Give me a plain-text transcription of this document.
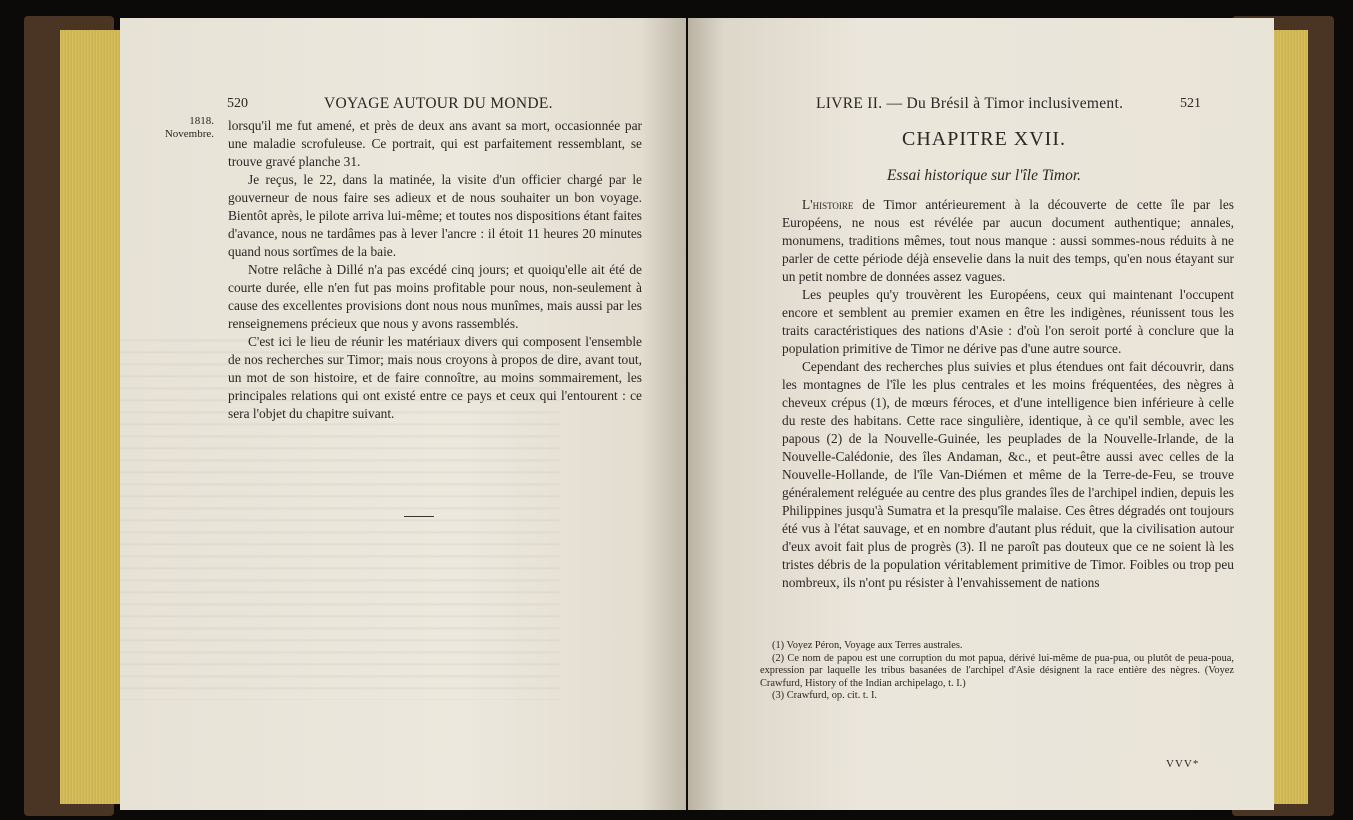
520	VOYAGE AUTOUR DU MONDE.
1818.
Novembre.

lorsqu'il me fut amené, et près de deux ans avant sa mort, occasionnée par une maladie scrofuleuse. Ce portrait, qui est parfaitement ressemblant, se trouve gravé planche 31.

Je reçus, le 22, dans la matinée, la visite d'un officier chargé par le gouverneur de nous faire ses adieux et de nous souhaiter un bon voyage. Bientôt après, le pilote arriva lui-même; et toutes nos dispositions étant faites d'avance, nous ne tardâmes pas à lever l'ancre : il étoit 11 heures 20 minutes quand nous sortîmes de la baie.

Notre relâche à Dillé n'a pas excédé cinq jours; et quoiqu'elle ait été de courte durée, elle n'en fut pas moins profitable pour nous, non-seulement à cause des excellentes provisions dont nous nous munîmes, mais aussi par les renseignemens précieux que nous y avons rassemblés.

C'est ici le lieu de réunir les matériaux divers qui composent l'ensemble de nos recherches sur Timor; mais nous croyons à propos de dire, avant tout, un mot de son histoire, et de faire connoître, au moins sommairement, les principales relations qui ont existé entre ce pays et ceux qui l'entourent : ce sera l'objet du chapitre suivant.

LIVRE II. — Du Brésil à Timor inclusivement.	521
CHAPITRE XVII.
Essai historique sur l'île Timor.

L'histoire de Timor antérieurement à la découverte de cette île par les Européens, ne nous est révélée par aucun document authentique; annales, monumens, traditions mêmes, tout nous manque : aussi sommes-nous réduits à ne parler de cette période déjà ensevelie dans la nuit des temps, qu'en nous étayant sur un petit nombre de données assez vagues.

Les peuples qu'y trouvèrent les Européens, ceux qui maintenant l'occupent encore et semblent au premier examen en être les indigènes, réunissent tous les traits caractéristiques des nations d'Asie : d'où l'on seroit porté à conclure que la population primitive de Timor ne dérive pas d'une autre source.

Cependant des recherches plus suivies et plus étendues ont fait découvrir, dans les montagnes de l'île les plus centrales et les moins fréquentées, des nègres à cheveux crépus (1), de mœurs féroces, et d'une intelligence bien inférieure à celle du reste des habitans. Cette race singulière, identique, à ce qu'il semble, avec les papous (2) de la Nouvelle-Guinée, les peuplades de la Nouvelle-Irlande, de la Nouvelle-Calédonie, des îles Andaman, &c., et peut-être aussi avec celles de la Nouvelle-Hollande, de l'île Van-Diémen et même de la Terre-de-Feu, se trouve généralement reléguée au centre des plus grandes îles de l'archipel indien, depuis les Philippines jusqu'à Sumatra et la presqu'île malaise. Ces êtres dégradés ont toujours été vus à l'état sauvage, et en nombre d'autant plus réduit, que la civilisation autour d'eux avoit fait plus de progrès (3). Il ne paroît pas douteux que ce ne soient là les tristes débris de la population véritablement primitive de Timor. Foibles ou trop peu nombreux, ils n'ont pu résister à l'envahissement de nations

(1) Voyez Péron, Voyage aux Terres australes.

(2) Ce nom de papou est une corruption du mot papua, dérivé lui-même de pua-pua, ou plutôt de peua-poua, expression par laquelle les tribus basanées de l'archipel d'Asie désignent la race entière des nègres. (Voyez Crawfurd, History of the Indian archipelago, t. I.)

(3) Crawfurd, op. cit. t. I.

VVV*
